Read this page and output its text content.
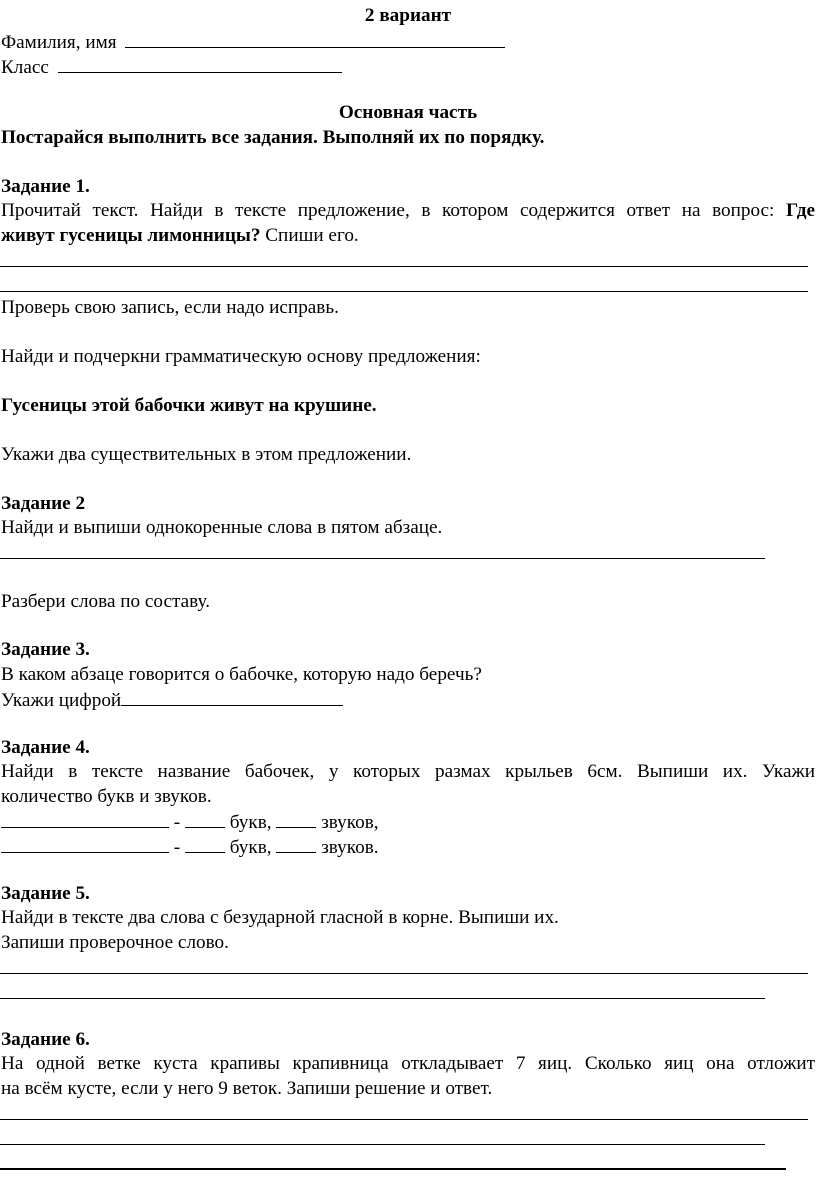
2 вариант
Фамилия, имя
Класс
Основная часть
Постарайся выполнить все задания. Выполняй их по порядку.
Задание 1.
Прочитай текст. Найди в тексте предложение, в котором содержится ответ на вопрос: Где
живут гусеницы лимонницы? Спиши его.
Проверь свою запись, если надо исправь.
Найди и подчеркни грамматическую основу предложения:
Гусеницы этой бабочки живут на крушине.
Укажи два существительных в этом предложении.
Задание 2
Найди и выпиши однокоренные слова в пятом абзаце.
Разбери слова по составу.
Задание 3.
В каком абзаце говорится о бабочке, которую надо беречь?
Укажи цифрой
Задание 4.
Найди в тексте название бабочек, у которых размах крыльев 6см. Выпиши их. Укажи
количество букв и звуков.
-	букв,	звуков,
-	букв,	звуков.
Задание 5.
Найди в тексте два слова с безударной гласной в корне. Выпиши их.
Запиши проверочное слово.
Задание 6.
На одной ветке куста крапивы крапивница откладывает 7 яиц. Сколько яиц она отложит
на всём кусте, если у него 9 веток. Запиши решение и ответ.
